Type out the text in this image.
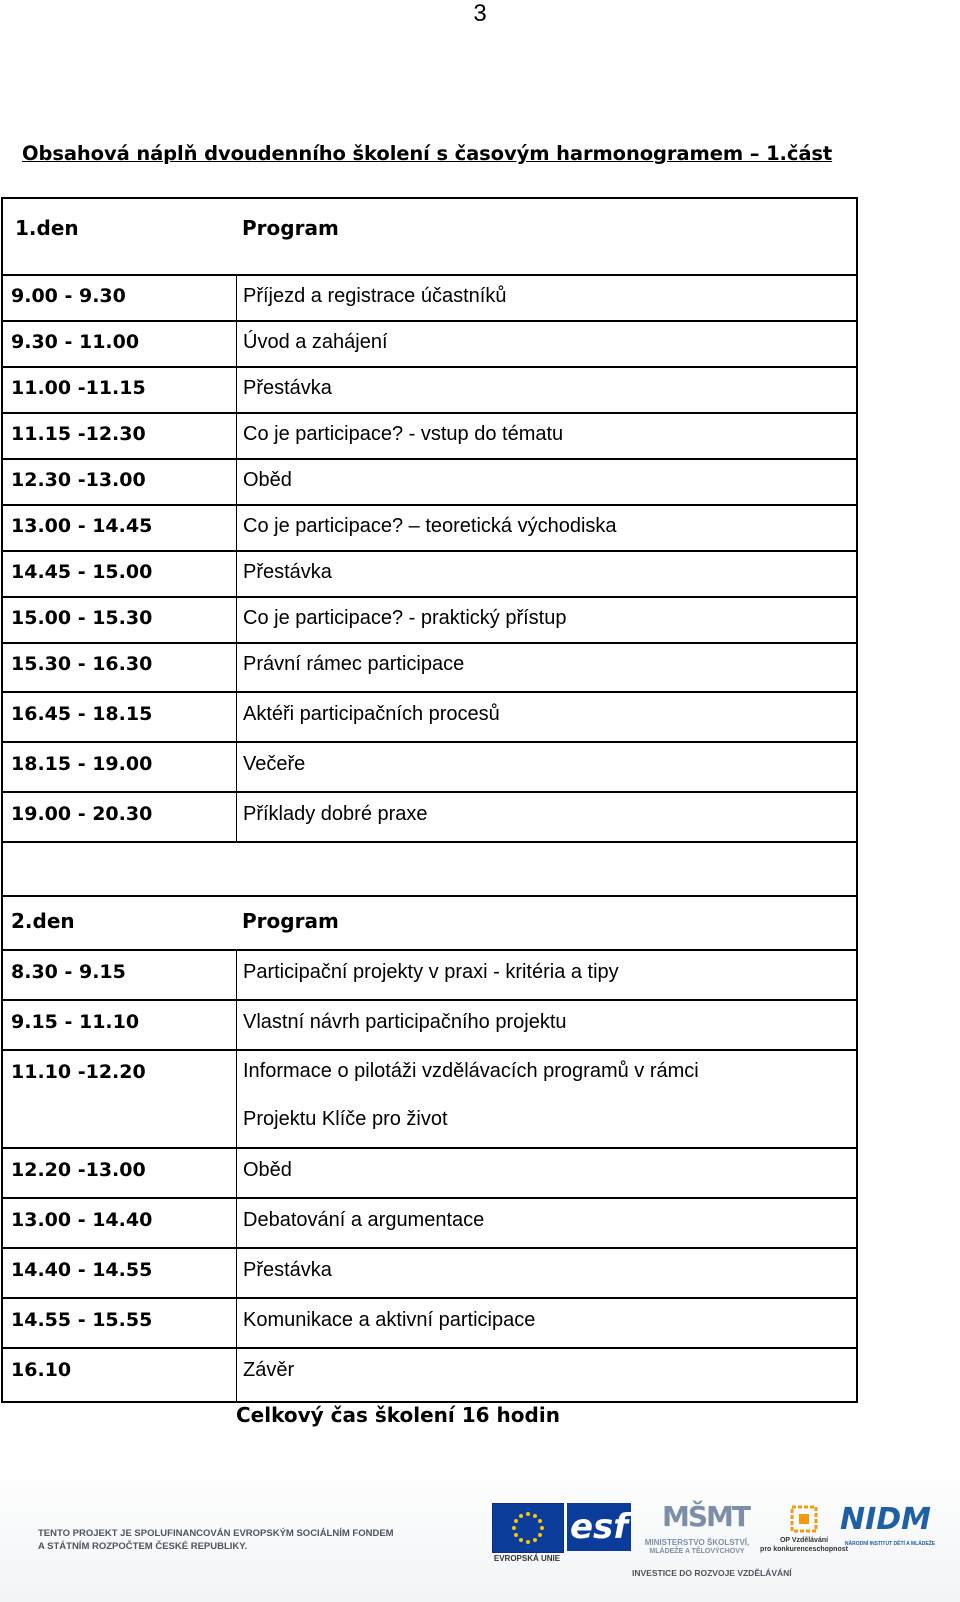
3
Obsahová náplň dvoudenního školení s časovým harmonogramem – 1.část
1.den	Program
9.00 - 9.30	Příjezd a registrace účastníků
9.30 - 11.00	Úvod a zahájení
11.00 -11.15	Přestávka
11.15 -12.30	Co je participace? - vstup do tématu
12.30 -13.00	Oběd
13.00 - 14.45	Co je participace? – teoretická východiska
14.45 - 15.00	Přestávka
15.00 - 15.30	Co je participace? - praktický přístup
15.30 - 16.30	Právní rámec participace
16.45 - 18.15	Aktéři participačních procesů
18.15 - 19.00	Večeře
19.00 - 20.30	Příklady dobré praxe
2.den	Program
8.30 - 9.15	Participační projekty v praxi - kritéria a tipy
9.15 - 11.10	Vlastní návrh participačního projektu
11.10 -12.20	Informace o pilotáži vzdělávacích programů v rámci
Projektu Klíče pro život
12.20 -13.00	Oběd
13.00 - 14.40	Debatování a argumentace
14.40 - 14.55	Přestávka
14.55 - 15.55	Komunikace a aktivní participace
16.10	Závěr
Celkový čas školení 16 hodin
TENTO PROJEKT JE SPOLUFINANCOVÁN EVROPSKÝM SOCIÁLNÍM FONDEM
A STÁTNÍM ROZPOČTEM ČESKÉ REPUBLIKY.
EVROPSKÁ UNIE
esf MŠMT
MINISTERSTVO ŠKOLSTVÍ,
MLÁDEŽE A TĚLOVÝCHOVY
OP Vzdělávání
pro konkurenceschopnost
NIDM
NÁRODNÍ INSTITUT DĚTÍ A MLÁDEŽE
INVESTICE DO ROZVOJE VZDĚLÁVÁNÍ
